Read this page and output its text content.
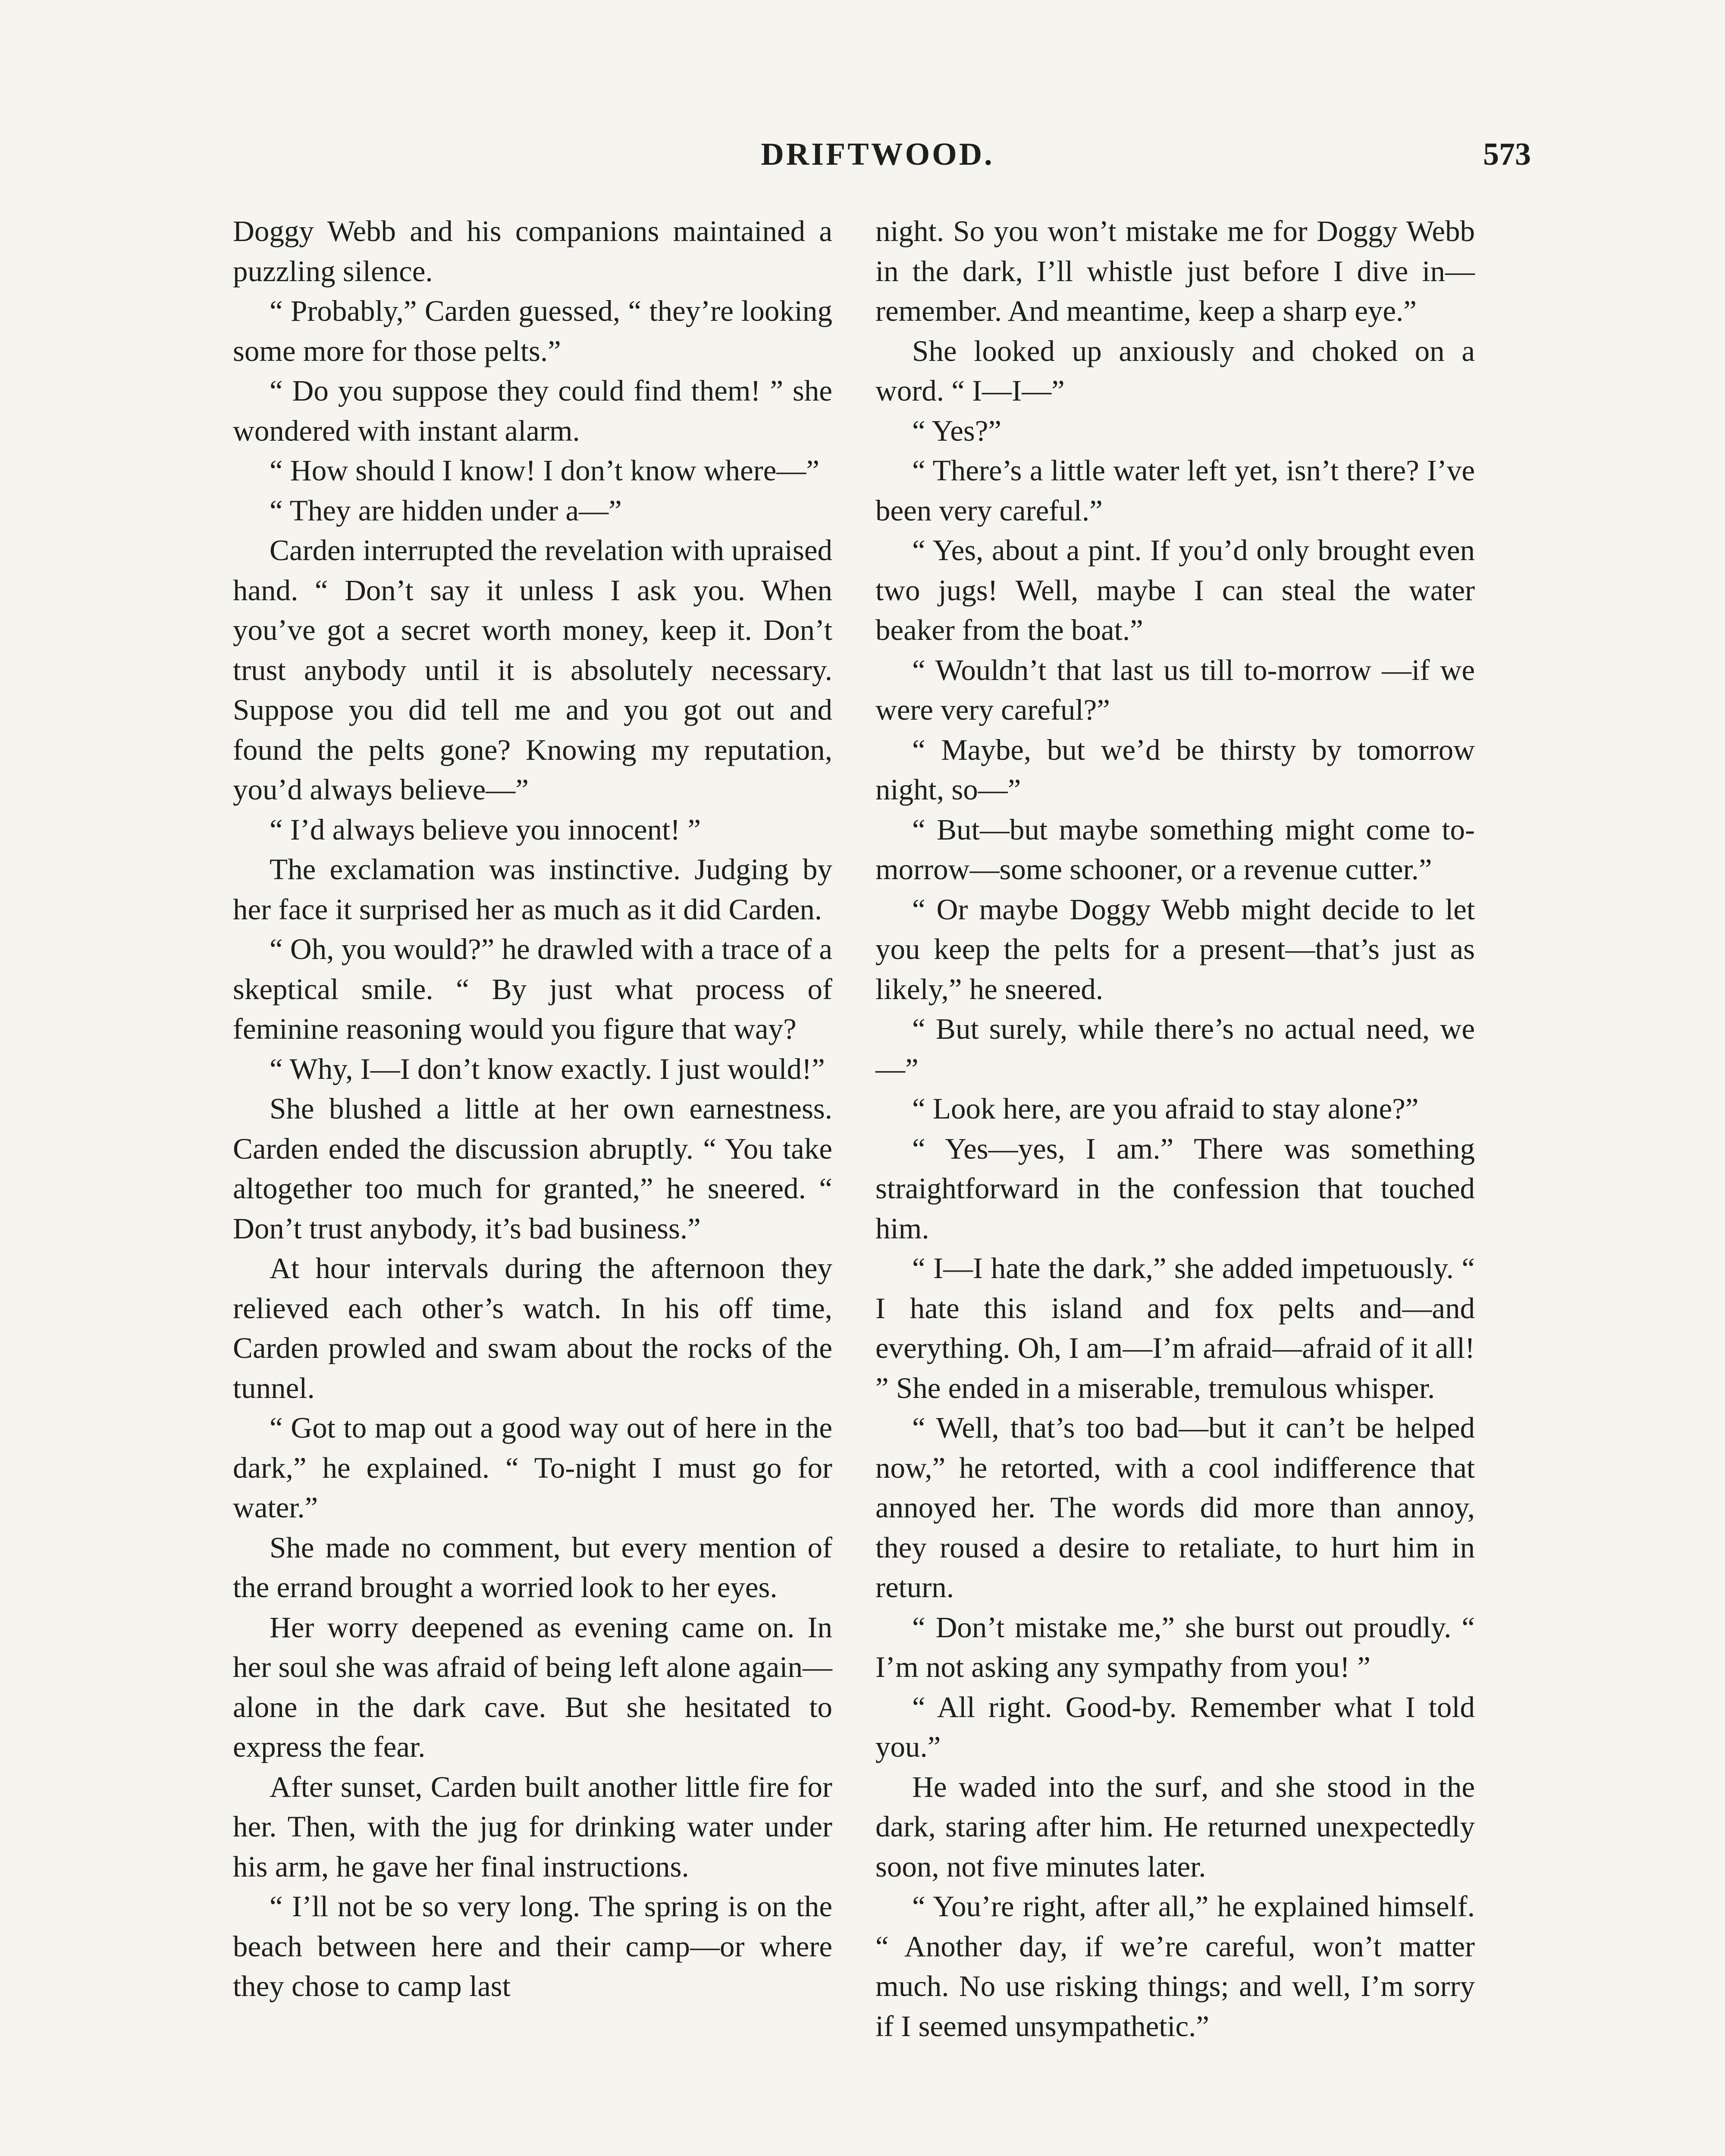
DRIFTWOOD.	573

Doggy Webb and his companions maintained a puzzling silence.

“ Probably,” Carden guessed, “ they’re looking some more for those pelts.”

“ Do you suppose they could find them! ” she wondered with instant alarm.

“ How should I know! I don’t know where—”

“ They are hidden under a—”

Carden interrupted the revelation with upraised hand. “ Don’t say it unless I ask you. When you’ve got a secret worth money, keep it. Don’t trust anybody until it is absolutely necessary. Suppose you did tell me and you got out and found the pelts gone? Knowing my reputation, you’d always believe—”

“ I’d always believe you innocent! ”

The exclamation was instinctive. Judging by her face it surprised her as much as it did Carden.

“ Oh, you would?” he drawled with a trace of a skeptical smile. “ By just what process of feminine reasoning would you figure that way?

“ Why, I—I don’t know exactly. I just would!”

She blushed a little at her own earnestness. Carden ended the discussion abruptly. “ You take altogether too much for granted,” he sneered. “ Don’t trust anybody, it’s bad business.”

At hour intervals during the afternoon they relieved each other’s watch. In his off time, Carden prowled and swam about the rocks of the tunnel.

“ Got to map out a good way out of here in the dark,” he explained. “ To-night I must go for water.”

She made no comment, but every mention of the errand brought a worried look to her eyes.

Her worry deepened as evening came on. In her soul she was afraid of being left alone again—alone in the dark cave. But she hesitated to express the fear.

After sunset, Carden built another little fire for her. Then, with the jug for drinking water under his arm, he gave her final instructions.

“ I’ll not be so very long. The spring is on the beach between here and their camp—or where they chose to camp last

night. So you won’t mistake me for Doggy Webb in the dark, I’ll whistle just before I dive in—remember. And meantime, keep a sharp eye.”

She looked up anxiously and choked on a word. “ I—I—”

“ Yes?”

“ There’s a little water left yet, isn’t there? I’ve been very careful.”

“ Yes, about a pint. If you’d only brought even two jugs! Well, maybe I can steal the water beaker from the boat.”

“ Wouldn’t that last us till to-morrow —if we were very careful?”

“ Maybe, but we’d be thirsty by tomorrow night, so—”

“ But—but maybe something might come to-morrow—some schooner, or a revenue cutter.”

“ Or maybe Doggy Webb might decide to let you keep the pelts for a present—that’s just as likely,” he sneered.

“ But surely, while there’s no actual need, we—”

“ Look here, are you afraid to stay alone?”

“ Yes—yes, I am.” There was something straightforward in the confession that touched him.

“ I—I hate the dark,” she added impetuously. “ I hate this island and fox pelts and—and everything. Oh, I am—I’m afraid—afraid of it all! ” She ended in a miserable, tremulous whisper.

“ Well, that’s too bad—but it can’t be helped now,” he retorted, with a cool indifference that annoyed her. The words did more than annoy, they roused a desire to retaliate, to hurt him in return.

“ Don’t mistake me,” she burst out proudly. “ I’m not asking any sympathy from you! ”

“ All right. Good-by. Remember what I told you.”

He waded into the surf, and she stood in the dark, staring after him. He returned unexpectedly soon, not five minutes later.

“ You’re right, after all,” he explained himself. “ Another day, if we’re careful, won’t matter much. No use risking things; and well, I’m sorry if I seemed unsympathetic.”
